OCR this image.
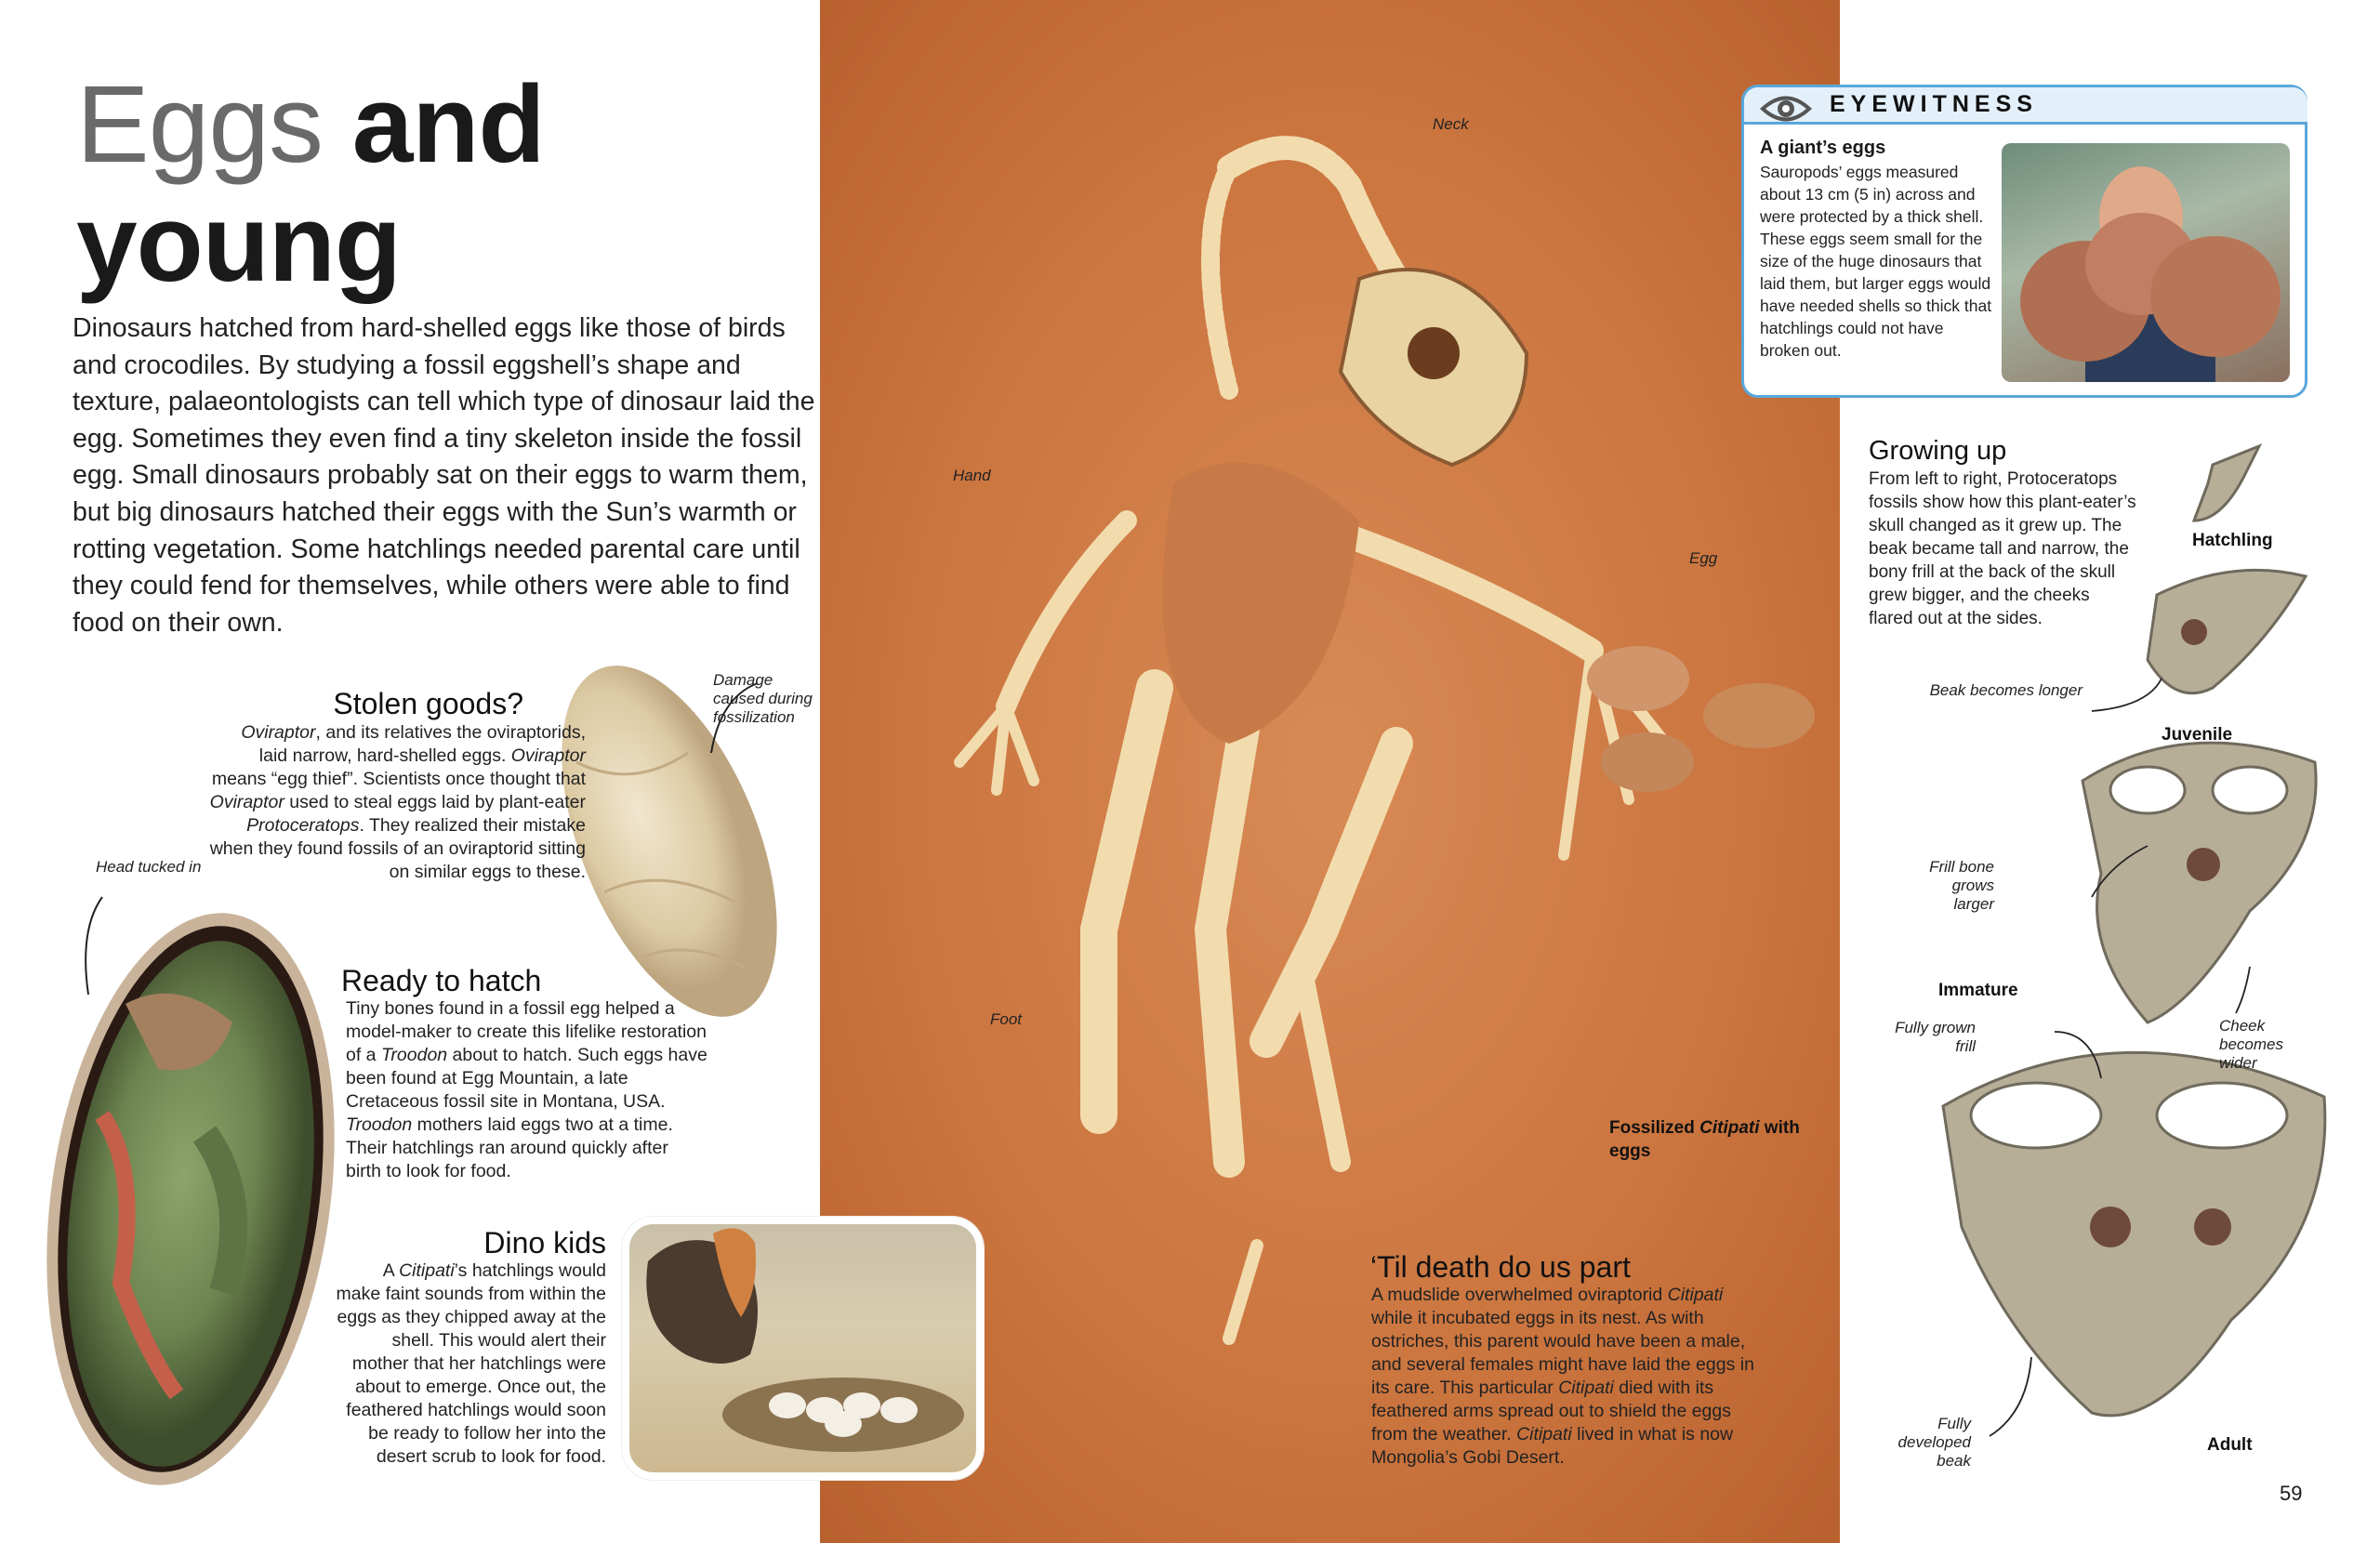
Eggs and
young
Dinosaurs hatched from hard-shelled eggs like those of birds and crocodiles. By studying a fossil eggshell’s shape and texture, palaeontologists can tell which type of dinosaur laid the egg. Sometimes they even find a tiny skeleton inside the fossil egg. Small dinosaurs probably sat on their eggs to warm them, but big dinosaurs hatched their eggs with the Sun’s warmth or rotting vegetation. Some hatchlings needed parental care until they could fend for themselves, while others were able to find food on their own.
Damage caused during fossilization
Stolen goods?
Oviraptor, and its relatives the oviraptorids, laid narrow, hard-shelled eggs. Oviraptor means “egg thief”. Scientists once thought that Oviraptor used to steal eggs laid by plant-eater Protoceratops. They realized their mistake when they found fossils of an oviraptorid sitting on similar eggs to these.
Head tucked in
Ready to hatch
Tiny bones found in a fossil egg helped a model-maker to create this lifelike restoration of a Troodon about to hatch. Such eggs have been found at Egg Mountain, a late Cretaceous fossil site in Montana, USA. Troodon mothers laid eggs two at a time. Their hatchlings ran around quickly after birth to look for food.
Dino kids
A Citipati’s hatchlings would make faint sounds from within the eggs as they chipped away at the shell. This would alert their mother that her hatchlings were about to emerge. Once out, the feathered hatchlings would soon be ready to follow her into the desert scrub to look for food.
Neck
Hand
Egg
Foot
Fossilized Citipati with eggs
‘Til death do us part
A mudslide overwhelmed oviraptorid Citipati while it incubated eggs in its nest. As with ostriches, this parent would have been a male, and several females might have laid the eggs in its care. This particular Citipati died with its feathered arms spread out to shield the eggs from the weather. Citipati lived in what is now Mongolia’s Gobi Desert.
EYEWITNESS
A giant’s eggs
Sauropods’ eggs measured about 13 cm (5 in) across and were protected by a thick shell. These eggs seem small for the size of the huge dinosaurs that laid them, but larger eggs would have needed shells so thick that hatchlings could not have broken out.
Growing up
From left to right, Protoceratops fossils show how this plant-eater’s skull changed as it grew up. The beak became tall and narrow, the bony frill at the back of the skull grew bigger, and the cheeks flared out at the sides.
Hatchling
Juvenile
Immature
Adult
Beak becomes longer
Frill bone grows larger
Fully grown frill
Cheek becomes wider
Fully developed beak
59
